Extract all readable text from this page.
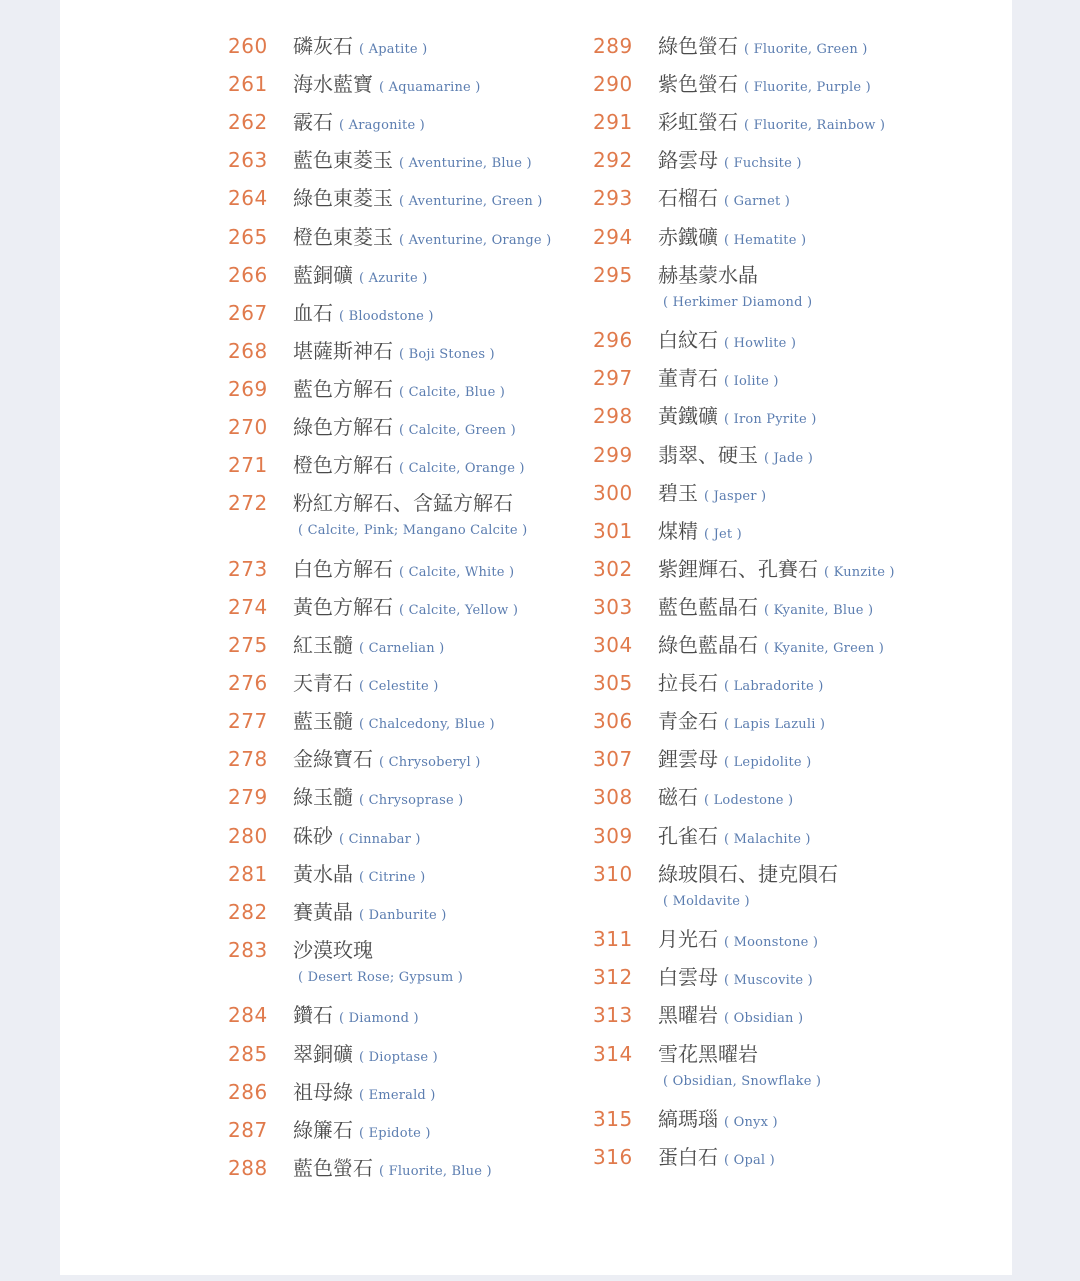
260 磷灰石 ( Apatite )
261 海水藍寶 ( Aquamarine )
262 霰石 ( Aragonite )
263 藍色東菱玉 ( Aventurine, Blue )
264 綠色東菱玉 ( Aventurine, Green )
265 橙色東菱玉 ( Aventurine, Orange )
266 藍銅礦 ( Azurite )
267 血石 ( Bloodstone )
268 堪薩斯神石 ( Boji Stones )
269 藍色方解石 ( Calcite, Blue )
270 綠色方解石 ( Calcite, Green )
271 橙色方解石 ( Calcite, Orange )
272 粉紅方解石、含錳方解石
( Calcite, Pink; Mangano Calcite )
273 白色方解石 ( Calcite, White )
274 黃色方解石 ( Calcite, Yellow )
275 紅玉髓 ( Carnelian )
276 天青石 ( Celestite )
277 藍玉髓 ( Chalcedony, Blue )
278 金綠寶石 ( Chrysoberyl )
279 綠玉髓 ( Chrysoprase )
280 硃砂 ( Cinnabar )
281 黃水晶 ( Citrine )
282 賽黃晶 ( Danburite )
283 沙漠玫瑰
( Desert Rose; Gypsum )
284 鑽石 ( Diamond )
285 翠銅礦 ( Dioptase )
286 祖母綠 ( Emerald )
287 綠簾石 ( Epidote )
288 藍色螢石 ( Fluorite, Blue )
289 綠色螢石 ( Fluorite, Green )
290 紫色螢石 ( Fluorite, Purple )
291 彩虹螢石 ( Fluorite, Rainbow )
292 鉻雲母 ( Fuchsite )
293 石榴石 ( Garnet )
294 赤鐵礦 ( Hematite )
295 赫基蒙水晶
( Herkimer Diamond )
296 白紋石 ( Howlite )
297 董青石 ( Iolite )
298 黃鐵礦 ( Iron Pyrite )
299 翡翠、硬玉 ( Jade )
300 碧玉 ( Jasper )
301 煤精 ( Jet )
302 紫鋰輝石、孔賽石 ( Kunzite )
303 藍色藍晶石 ( Kyanite, Blue )
304 綠色藍晶石 ( Kyanite, Green )
305 拉長石 ( Labradorite )
306 青金石 ( Lapis Lazuli )
307 鋰雲母 ( Lepidolite )
308 磁石 ( Lodestone )
309 孔雀石 ( Malachite )
310 綠玻隕石、捷克隕石
( Moldavite )
311 月光石 ( Moonstone )
312 白雲母 ( Muscovite )
313 黑曜岩 ( Obsidian )
314 雪花黑曜岩
( Obsidian, Snowflake )
315 縞瑪瑙 ( Onyx )
316 蛋白石 ( Opal )
